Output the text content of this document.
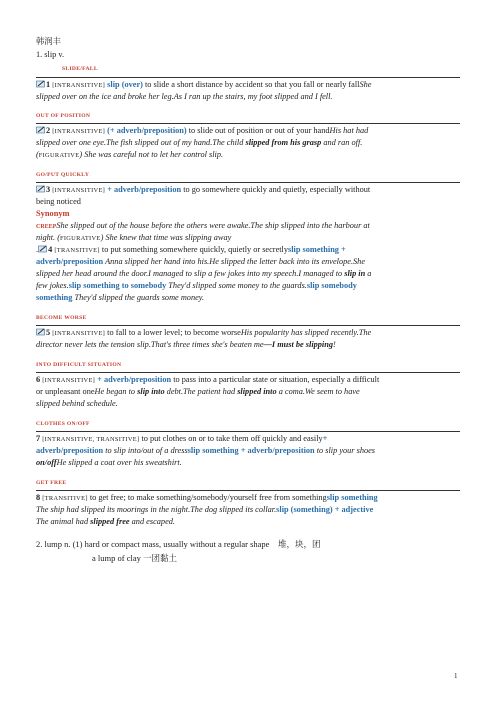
韩润丰
1. slip v.
SLIDE/FALL
1 [INTRANSITIVE] slip (over) to slide a short distance by accident so that you fall or nearly fallShe
slipped over on the ice and broke her leg.As I ran up the stairs, my foot slipped and I fell.
OUT OF POSITION
2 [INTRANSITIVE] (+ adverb/preposition) to slide out of position or out of your handHis hat had
slipped over one eye.The fish slipped out of my hand.The child slipped from his grasp and ran off.
(FIGURATIVE) She was careful not to let her control slip.
GO/PUT QUICKLY
3 [INTRANSITIVE] + adverb/preposition to go somewhere quickly and quietly, especially without
being noticed
Synonym
CREEPShe slipped out of the house before the others were awake.The ship slipped into the harbour at
night. (FIGURATIVE) She knew that time was slipping away
. 4 [TRANSITIVE] to put something somewhere quickly, quietly or secretlyslip something +
adverb/preposition Anna slipped her hand into his.He slipped the letter back into its envelope.She
slipped her head around the door.I managed to slip a few jokes into my speech.I managed to slip in a
few jokes.slip something to somebody They'd slipped some money to the guards.slip somebody
something They'd slipped the guards some money.
BECOME WORSE
5 [INTRANSITIVE] to fall to a lower level; to become worseHis popularity has slipped recently.The
director never lets the tension slip.That's three times she's beaten me—I must be slipping!
INTO DIFFICULT SITUATION
6 [INTRANSITIVE] + adverb/preposition to pass into a particular state or situation, especially a difficult
or unpleasant oneHe began to slip into debt.The patient had slipped into a coma.We seem to have
slipped behind schedule.
CLOTHES ON/OFF
7 [INTRANSITIVE, TRANSITIVE] to put clothes on or to take them off quickly and easily+
adverb/preposition to slip into/out of a dressslip something + adverb/preposition to slip your shoes
on/offHe slipped a coat over his sweatshirt.
GET FREE
8 [TRANSITIVE] to get free; to make something/somebody/yourself free from somethingslip something
The ship had slipped its moorings in the night.The dog slipped its collar.slip (something) + adjective
The animal had slipped free and escaped.
2. lump n. (1) hard or compact mass, usually without a regular shape　堆，块，团
a lump of clay 一团黏土
1
